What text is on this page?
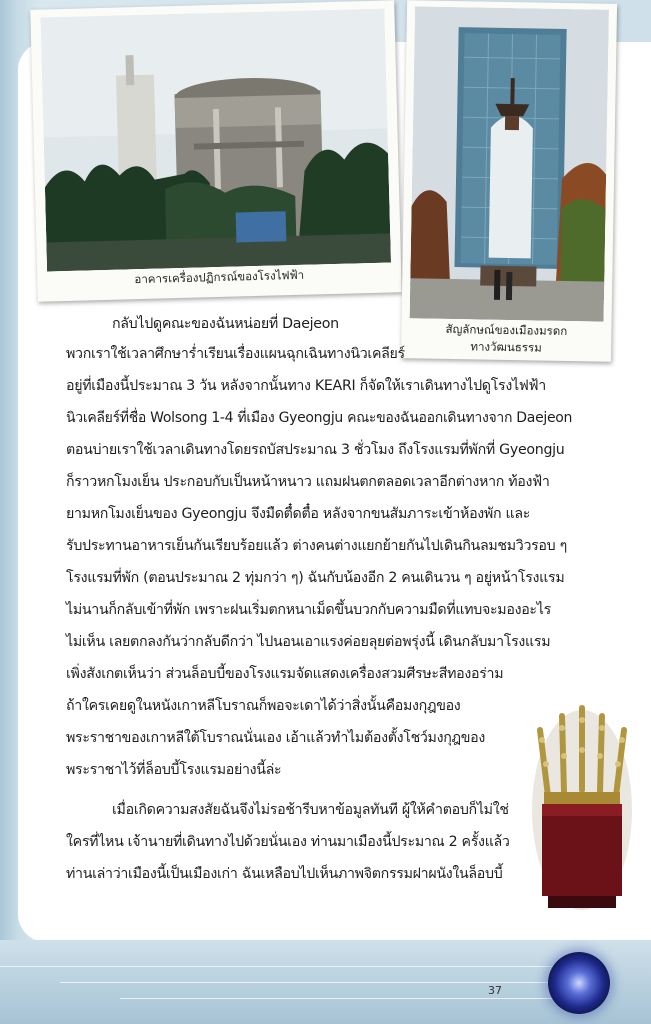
37
อาคารเครื่องปฏิกรณ์ของโรงไฟฟ้า
สัญลักษณ์ของเมืองมรดก
ทางวัฒนธรรม
กลับไปดูคณะของฉันหน่อยที่ Daejeon
พวกเราใช้เวลาศึกษาร่ำเรียนเรื่องแผนฉุกเฉินทางนิวเคลียร์
อยู่ที่เมืองนี้ประมาณ 3 วัน หลังจากนั้นทาง KEARI ก็จัดให้เราเดินทางไปดูโรงไฟฟ้า
นิวเคลียร์ที่ชื่อ Wolsong 1-4 ที่เมือง Gyeongju คณะของฉันออกเดินทางจาก Daejeon
ตอนบ่ายเราใช้เวลาเดินทางโดยรถบัสประมาณ 3 ชั่วโมง ถึงโรงแรมที่พักที่ Gyeongju
ก็ราวหกโมงเย็น ประกอบกับเป็นหน้าหนาว แถมฝนตกตลอดเวลาอีกต่างหาก ท้องฟ้า
ยามหกโมงเย็นของ Gyeongju จึงมืดตื๋ดตื๋อ หลังจากขนสัมภาระเข้าห้องพัก และ
รับประทานอาหารเย็นกันเรียบร้อยแล้ว ต่างคนต่างแยกย้ายกันไปเดินกินลมชมวิวรอบ ๆ
โรงแรมที่พัก (ตอนประมาณ 2 ทุ่มกว่า ๆ) ฉันกับน้องอีก 2 คนเดินวน ๆ อยู่หน้าโรงแรม
ไม่นานก็กลับเข้าที่พัก เพราะฝนเริ่มตกหนาเม็ดขึ้นบวกกับความมืดที่แทบจะมองอะไร
ไม่เห็น เลยตกลงกันว่ากลับดีกว่า ไปนอนเอาแรงค่อยลุยต่อพรุ่งนี้ เดินกลับมาโรงแรม
เพิ่งสังเกตเห็นว่า ส่วนล็อบบี้ของโรงแรมจัดแสดงเครื่องสวมศีรษะสีทองอร่าม
ถ้าใครเคยดูในหนังเกาหลีโบราณก็พอจะเดาได้ว่าสิ่งนั้นคือมงกุฎของ
พระราชาของเกาหลีใต้โบราณนั่นเอง เอ้าแล้วทำไมต้องตั้งโชว์มงกุฎของ
พระราชาไว้ที่ล็อบบี้โรงแรมอย่างนี้ล่ะ
เมื่อเกิดความสงสัยฉันจึงไม่รอช้ารีบหาข้อมูลทันที ผู้ให้คำตอบก็ไม่ใช่
ใครที่ไหน เจ้านายที่เดินทางไปด้วยนั่นเอง ท่านมาเมืองนี้ประมาณ 2 ครั้งแล้ว
ท่านเล่าว่าเมืองนี้เป็นเมืองเก่า ฉันเหลือบไปเห็นภาพจิตกรรมฝาผนังในล็อบบี้
